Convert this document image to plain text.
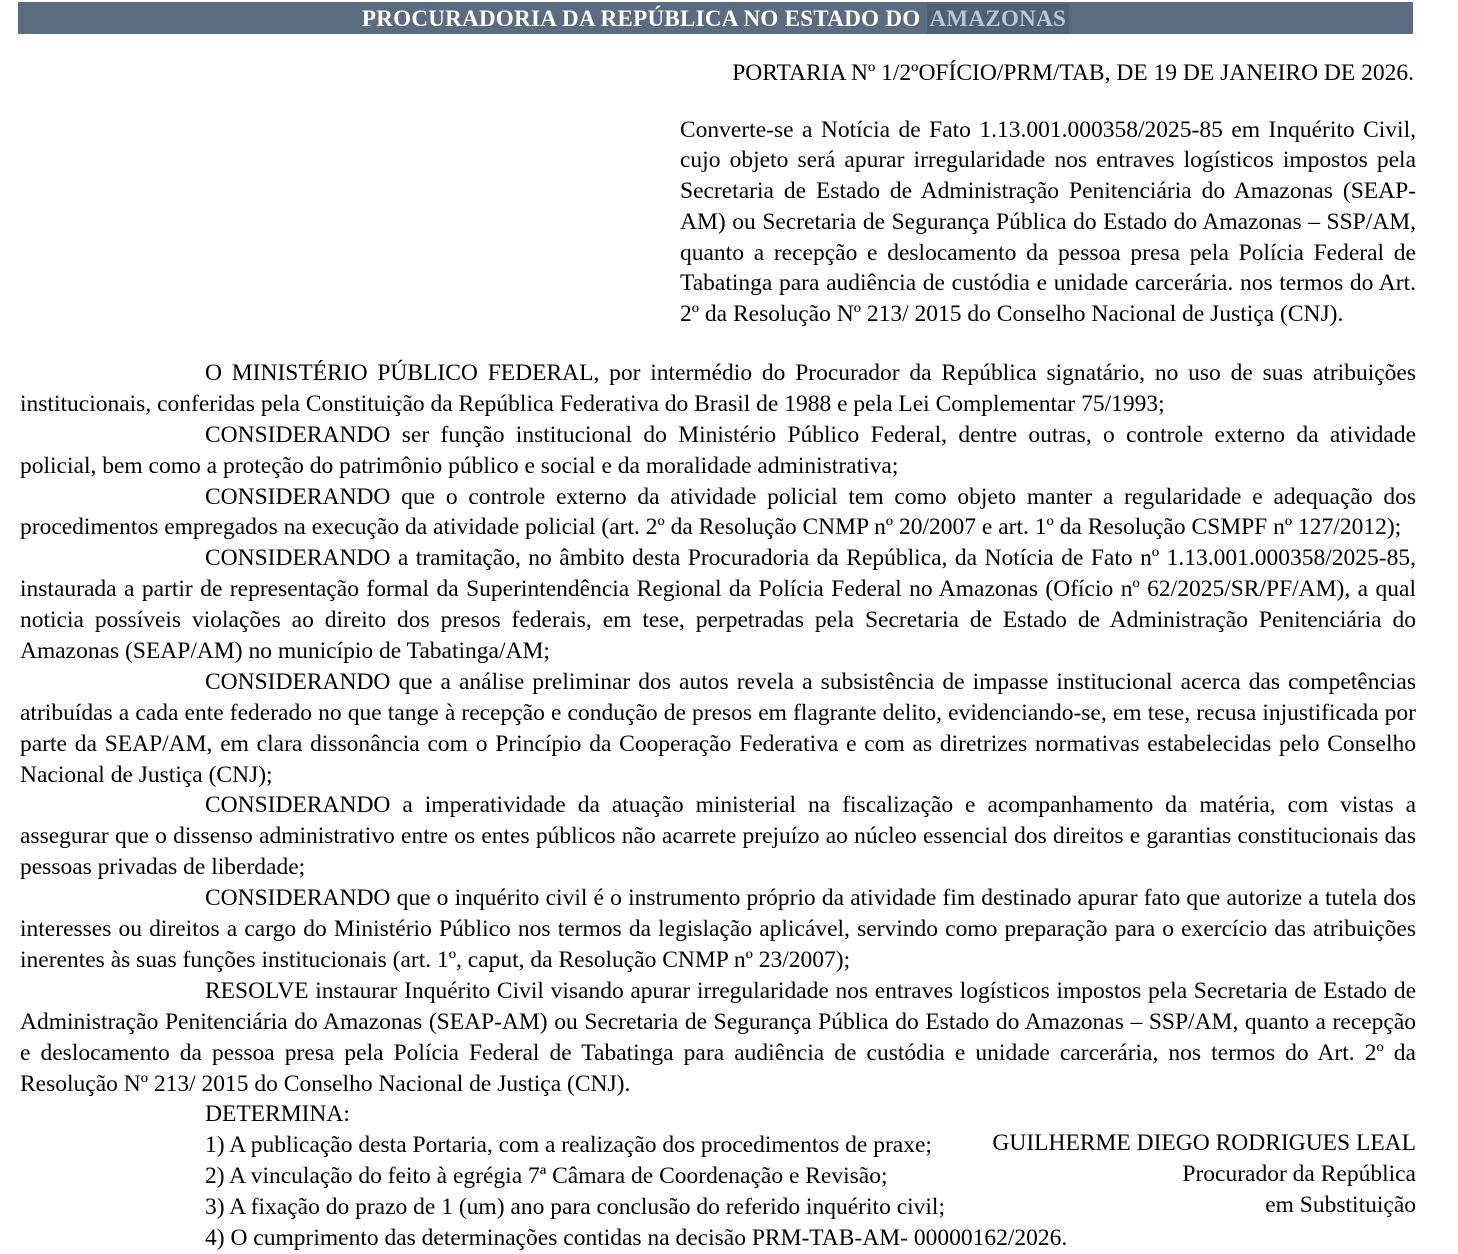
PROCURADORIA DA REPÚBLICA NO ESTADO DO AMAZONAS
PORTARIA Nº 1/2ºOFÍCIO/PRM/TAB, DE 19 DE JANEIRO DE 2026.
Converte-se a Notícia de Fato 1.13.001.000358/2025-85 em Inquérito Civil, cujo objeto será apurar irregularidade nos entraves logísticos impostos pela Secretaria de Estado de Administração Penitenciária do Amazonas (SEAP-AM) ou Secretaria de Segurança Pública do Estado do Amazonas – SSP/AM, quanto a recepção e deslocamento da pessoa presa pela Polícia Federal de Tabatinga para audiência de custódia e unidade carcerária. nos termos do Art. 2º da Resolução Nº 213/ 2015 do Conselho Nacional de Justiça (CNJ).

O MINISTÉRIO PÚBLICO FEDERAL, por intermédio do Procurador da República signatário, no uso de suas atribuições institucionais, conferidas pela Constituição da República Federativa do Brasil de 1988 e pela Lei Complementar 75/1993;

CONSIDERANDO ser função institucional do Ministério Público Federal, dentre outras, o controle externo da atividade policial, bem como a proteção do patrimônio público e social e da moralidade administrativa;

CONSIDERANDO que o controle externo da atividade policial tem como objeto manter a regularidade e adequação dos procedimentos empregados na execução da atividade policial (art. 2º da Resolução CNMP nº 20/2007 e art. 1º da Resolução CSMPF nº 127/2012);

CONSIDERANDO a tramitação, no âmbito desta Procuradoria da República, da Notícia de Fato nº 1.13.001.000358/2025-85, instaurada a partir de representação formal da Superintendência Regional da Polícia Federal no Amazonas (Ofício nº 62/2025/SR/PF/AM), a qual noticia possíveis violações ao direito dos presos federais, em tese, perpetradas pela Secretaria de Estado de Administração Penitenciária do Amazonas (SEAP/AM) no município de Tabatinga/AM;

CONSIDERANDO que a análise preliminar dos autos revela a subsistência de impasse institucional acerca das competências atribuídas a cada ente federado no que tange à recepção e condução de presos em flagrante delito, evidenciando-se, em tese, recusa injustificada por parte da SEAP/AM, em clara dissonância com o Princípio da Cooperação Federativa e com as diretrizes normativas estabelecidas pelo Conselho Nacional de Justiça (CNJ);

CONSIDERANDO a imperatividade da atuação ministerial na fiscalização e acompanhamento da matéria, com vistas a assegurar que o dissenso administrativo entre os entes públicos não acarrete prejuízo ao núcleo essencial dos direitos e garantias constitucionais das pessoas privadas de liberdade;

CONSIDERANDO que o inquérito civil é o instrumento próprio da atividade fim destinado apurar fato que autorize a tutela dos interesses ou direitos a cargo do Ministério Público nos termos da legislação aplicável, servindo como preparação para o exercício das atribuições inerentes às suas funções institucionais (art. 1º, caput, da Resolução CNMP nº 23/2007);

RESOLVE instaurar Inquérito Civil visando apurar irregularidade nos entraves logísticos impostos pela Secretaria de Estado de Administração Penitenciária do Amazonas (SEAP-AM) ou Secretaria de Segurança Pública do Estado do Amazonas – SSP/AM, quanto a recepção e deslocamento da pessoa presa pela Polícia Federal de Tabatinga para audiência de custódia e unidade carcerária, nos termos do Art. 2º da Resolução Nº 213/ 2015 do Conselho Nacional de Justiça (CNJ).

DETERMINA:

1) A publicação desta Portaria, com a realização dos procedimentos de praxe;

2) A vinculação do feito à egrégia 7ª Câmara de Coordenação e Revisão;

3) A fixação do prazo de 1 (um) ano para conclusão do referido inquérito civil;

4) O cumprimento das determinações contidas na decisão PRM-TAB-AM- 00000162/2026.

GUILHERME DIEGO RODRIGUES LEAL
Procurador da República
em Substituição
